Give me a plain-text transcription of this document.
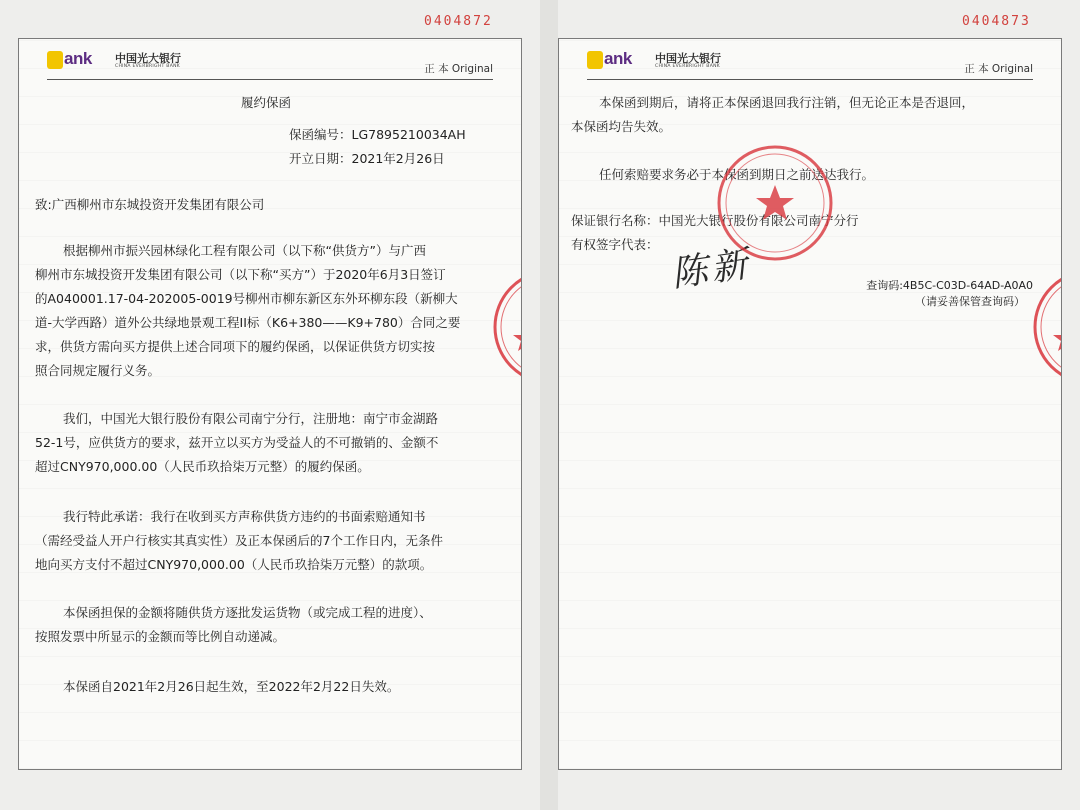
0404872	0404873
ank 中国光大银行
CHINA EVERBRIGHT BANK	正 本 Original
履约保函
保函编号：LG7895210034AH
开立日期：2021年2月26日
致:广西柳州市东城投资开发集团有限公司
根据柳州市振兴园林绿化工程有限公司（以下称“供货方”）与广西
柳州市东城投资开发集团有限公司（以下称“买方”）于2020年6月3日签订
的A040001.17-04-202005-0019号柳州市柳东新区东外环柳东段（新柳大
道-大学西路）道外公共绿地景观工程II标（K6+380——K9+780）合同之要
求，供货方需向买方提供上述合同项下的履约保函，以保证供货方切实按
照合同规定履行义务。
我们，中国光大银行股份有限公司南宁分行，注册地：南宁市金湖路
52-1号，应供货方的要求，兹开立以买方为受益人的不可撤销的、金额不
超过CNY970,000.00（人民币玖拾柒万元整）的履约保函。
我行特此承诺：我行在收到买方声称供货方违约的书面索赔通知书
（需经受益人开户行核实其真实性）及正本保函后的7个工作日内，无条件
地向买方支付不超过CNY970,000.00（人民币玖拾柒万元整）的款项。
本保函担保的金额将随供货方逐批发运货物（或完成工程的进度）、
按照发票中所显示的金额而等比例自动递减。
本保函自2021年2月26日起生效，至2022年2月22日失效。
ank 中国光大银行
CHINA EVERBRIGHT BANK	正 本 Original
本保函到期后，请将正本保函退回我行注销，但无论正本是否退回，
本保函均告失效。
任何索赔要求务必于本保函到期日之前送达我行。
保证银行名称：中国光大银行股份有限公司南宁分行
有权签字代表： 陈新	查询码:4B5C-C03D-64AD-A0A0
（请妥善保管查询码）
